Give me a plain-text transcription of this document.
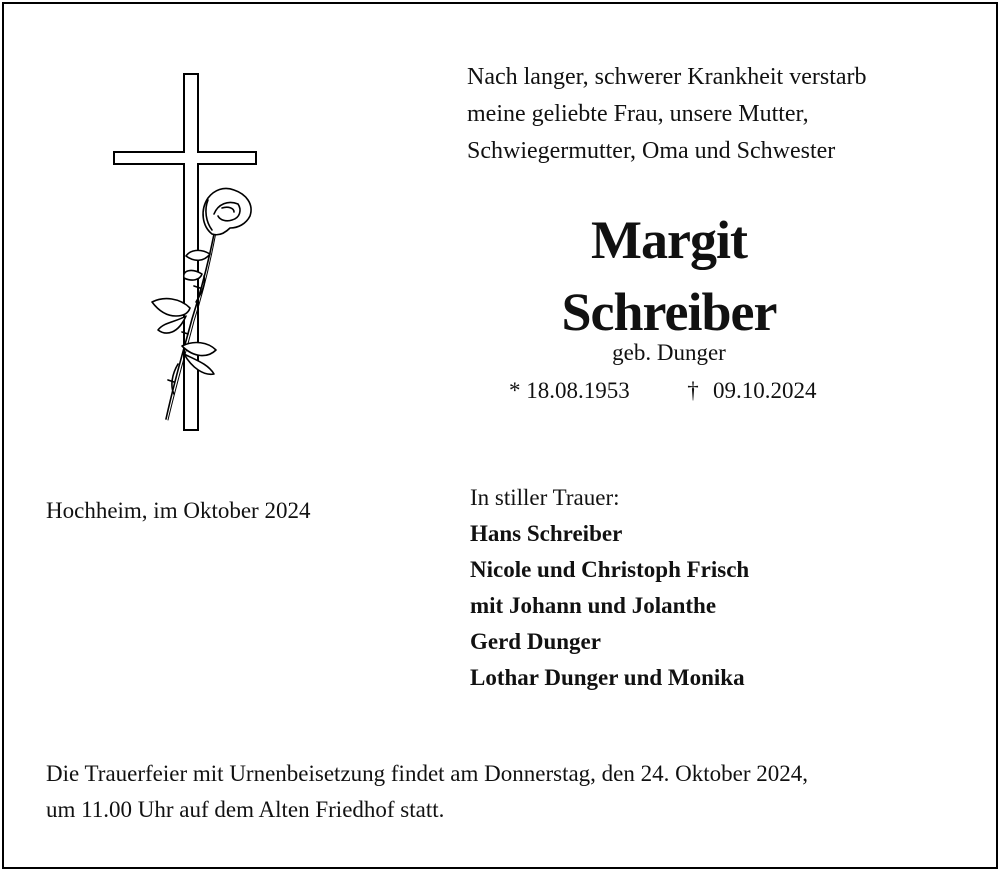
Nach langer, schwerer Krankheit verstarb
meine geliebte Frau, unsere Mutter,
Schwiegermutter, Oma und Schwester
Margit
Schreiber
geb. Dunger
* 18.08.1953	† 09.10.2024
Hochheim, im Oktober 2024
In stiller Trauer:
Hans Schreiber
Nicole und Christoph Frisch
mit Johann und Jolanthe
Gerd Dunger
Lothar Dunger und Monika
Die Trauerfeier mit Urnenbeisetzung findet am Donnerstag, den 24. Oktober 2024,
um 11.00 Uhr auf dem Alten Friedhof statt.
